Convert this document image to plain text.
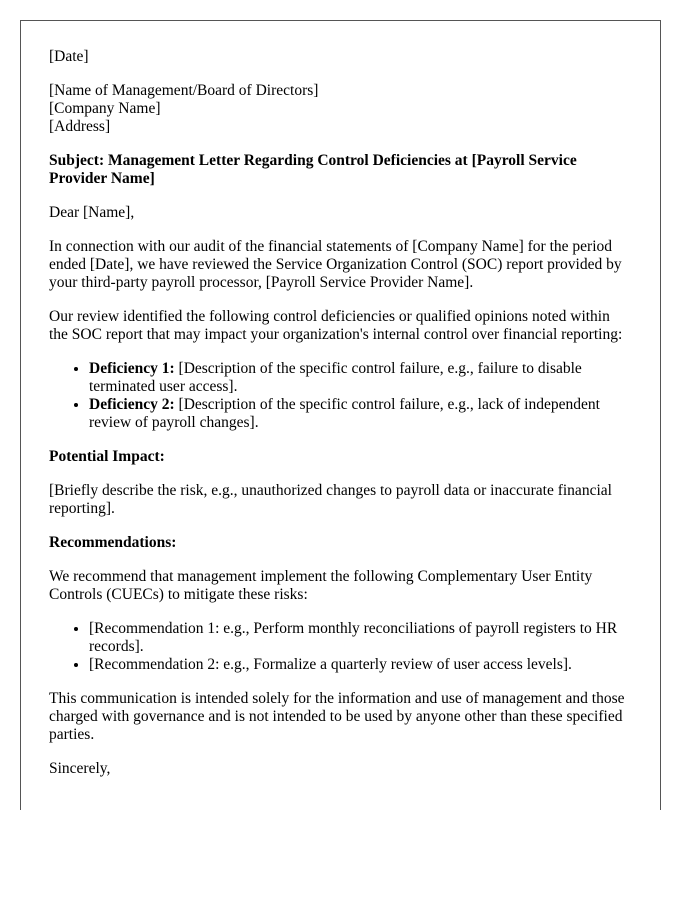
[Date]

[Name of Management/Board of Directors]
[Company Name]
[Address]

Subject: Management Letter Regarding Control Deficiencies at [Payroll Service Provider Name]

Dear [Name],

In connection with our audit of the financial statements of [Company Name] for the period ended [Date], we have reviewed the Service Organization Control (SOC) report provided by your third-party payroll processor, [Payroll Service Provider Name].

Our review identified the following control deficiencies or qualified opinions noted within the SOC report that may impact your organization's internal control over financial reporting:

• Deficiency 1: [Description of the specific control failure, e.g., failure to disable terminated user access].
• Deficiency 2: [Description of the specific control failure, e.g., lack of independent review of payroll changes].

Potential Impact:

[Briefly describe the risk, e.g., unauthorized changes to payroll data or inaccurate financial reporting].

Recommendations:

We recommend that management implement the following Complementary User Entity Controls (CUECs) to mitigate these risks:

• [Recommendation 1: e.g., Perform monthly reconciliations of payroll registers to HR records].
• [Recommendation 2: e.g., Formalize a quarterly review of user access levels].

This communication is intended solely for the information and use of management and those charged with governance and is not intended to be used by anyone other than these specified parties.

Sincerely,
